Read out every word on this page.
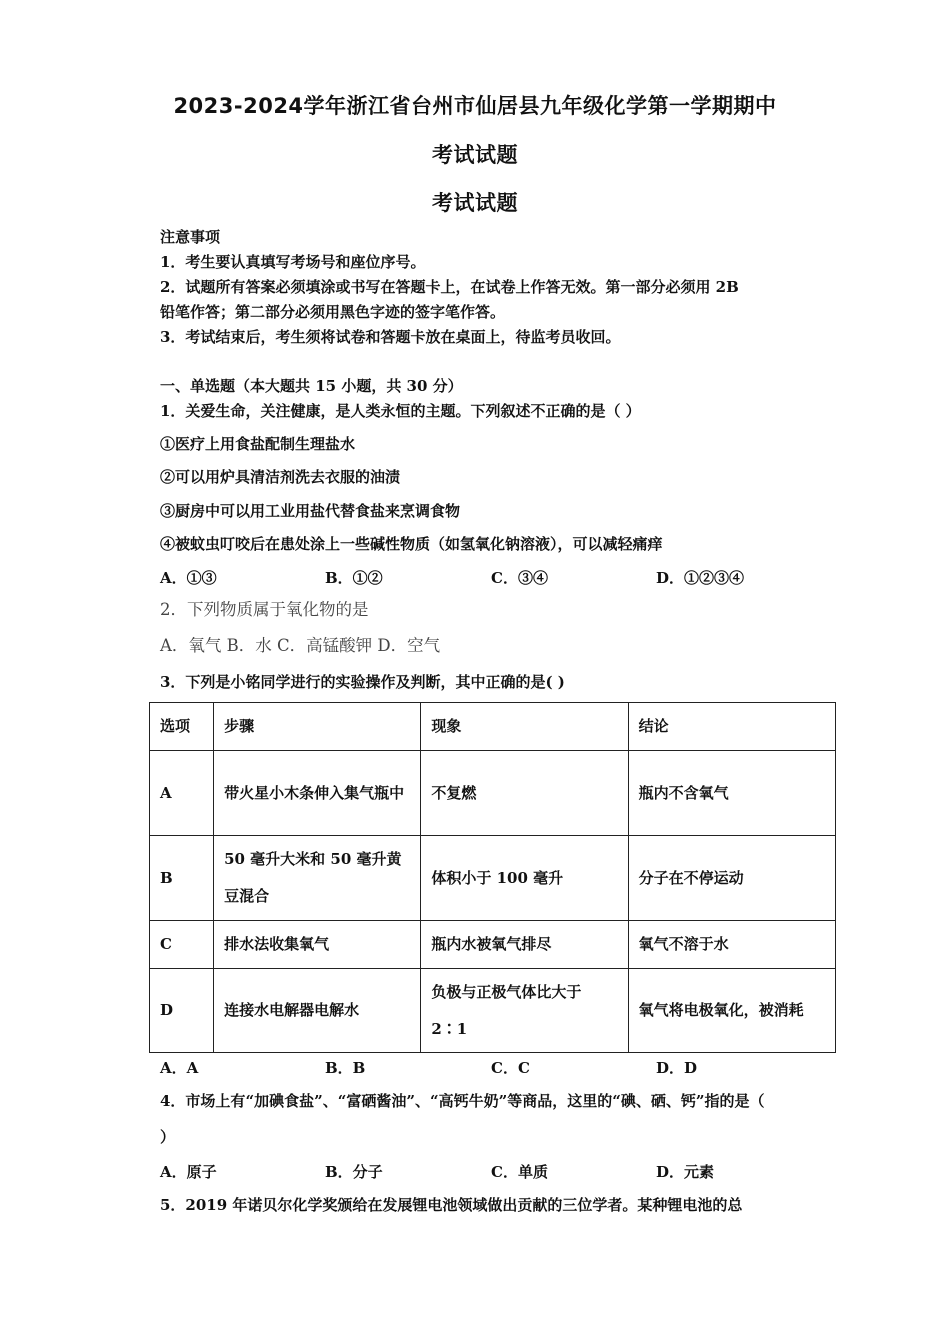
2023-2024学年浙江省台州市仙居县九年级化学第一学期期中
考试试题
考试试题
注意事项
1．考生要认真填写考场号和座位序号。
2．试题所有答案必须填涂或书写在答题卡上，在试卷上作答无效。第一部分必须用 2B
铅笔作答；第二部分必须用黑色字迹的签字笔作答。
3．考试结束后，考生须将试卷和答题卡放在桌面上，待监考员收回。
一、单选题（本大题共 15 小题，共 30 分）
1．关爱生命，关注健康，是人类永恒的主题。下列叙述不正确的是（ ）
①医疗上用食盐配制生理盐水
②可以用炉具清洁剂洗去衣服的油渍
③厨房中可以用工业用盐代替食盐来烹调食物
④被蚊虫叮咬后在患处涂上一些碱性物质（如氢氧化钠溶液），可以减轻痛痒
A．①③	B．①②	C．③④	D．①②③④
2．下列物质属于氧化物的是
A．氧气 B．水 C．高锰酸钾 D．空气
3．下列是小铭同学进行的实验操作及判断，其中正确的是( )
选项	步骤	现象	结论
A	带火星小木条伸入集气瓶中	不复燃	瓶内不含氧气
B	50 毫升大米和 50 毫升黄豆混合	体积小于 100 毫升	分子在不停运动
C	排水法收集氧气	瓶内水被氧气排尽	氧气不溶于水
D	连接水电解器电解水	负极与正极气体比大于 2∶1	氧气将电极氧化，被消耗
A．A	B．B	C．C	D．D
4．市场上有“加碘食盐”、“富硒酱油”、“高钙牛奶”等商品，这里的“碘、硒、钙”指的是（
）
A．原子	B．分子	C．单质	D．元素
5．2019 年诺贝尔化学奖颁给在发展锂电池领域做出贡献的三位学者。某种锂电池的总
